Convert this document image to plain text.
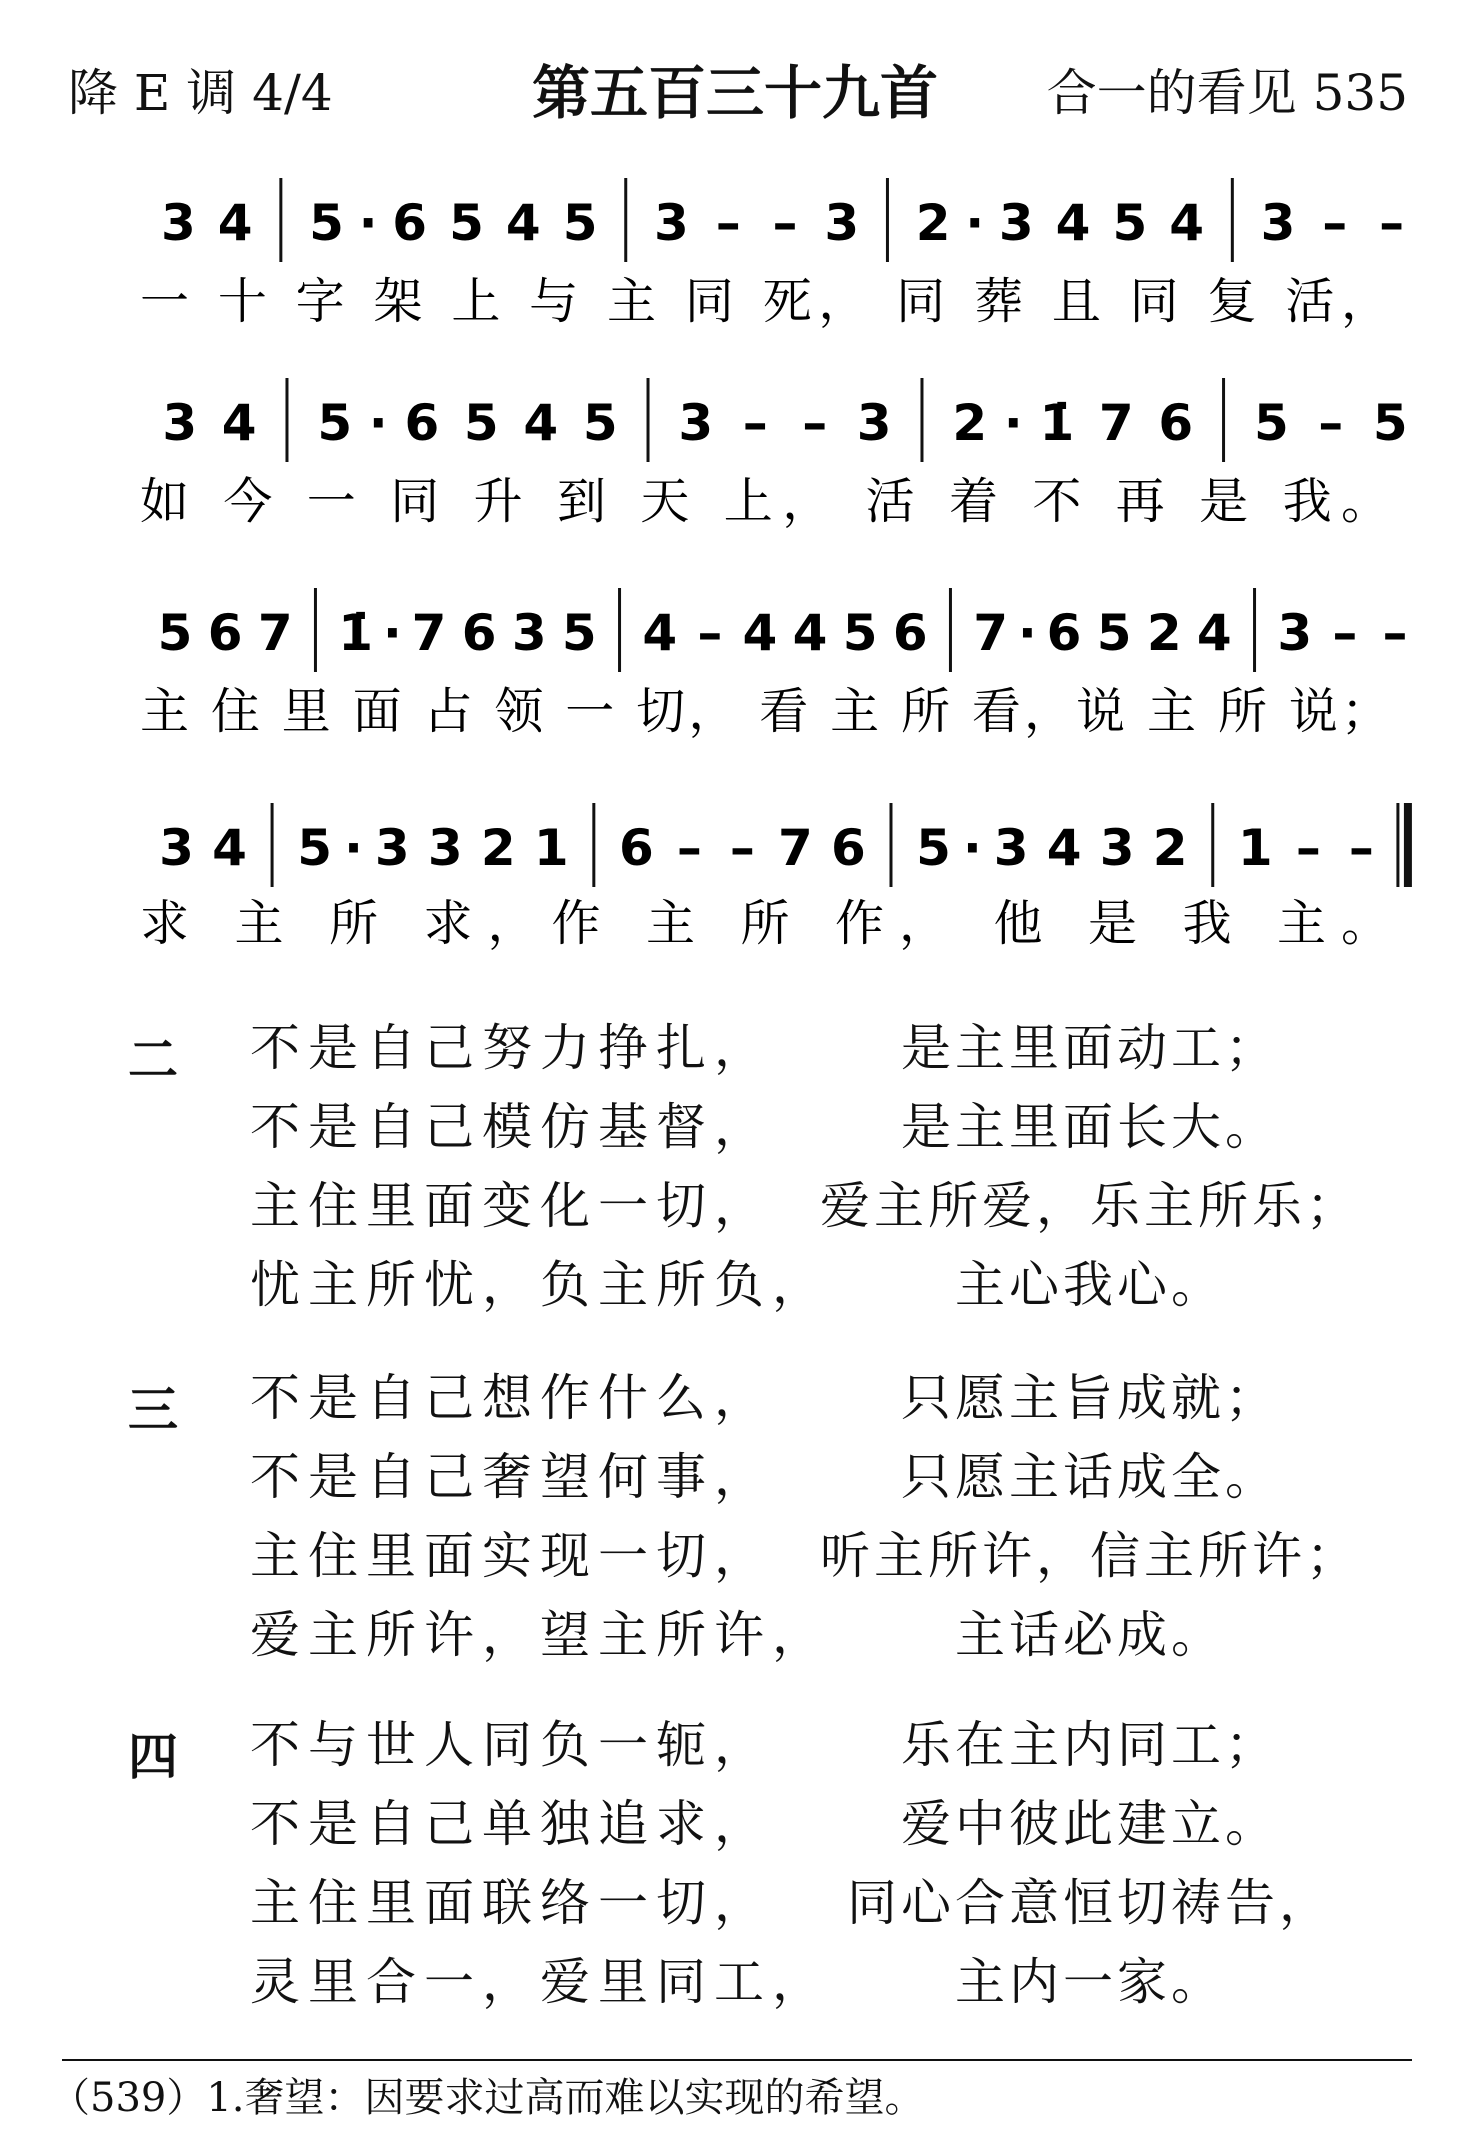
降 E 调 4/4	第五百三十九首	合一的看见 535
3 4 5 · 6 5 4 5 3 – – 3 2 · 3 4 5 4 3 – –
一 十 字 架 上 与 主 同 死， 同 葬 且 同 复 活，
3 4 5 · 6 5 4 5 3 – – 3 2 · 1̇ 7 6 5 – 5
如 今 一 同 升 到 天 上， 活 着 不 再 是 我。
5 6 7 1̇ · 7 6 3 5 4 – 4 4 5 6 7 · 6 5 2 4 3 – –
主 住 里 面 占 领 一 切， 看 主 所 看，说 主 所 说；
3 4 5 · 3 3 2 1 6 – – 7 6 5 · 3 4 3 2 1 – –
求 主 所 求，作 主 所 作， 他 是 我 主。
二 不是自己努力挣扎，	是主里面动工；
不是自己模仿基督，	是主里面长大。
主住里面变化一切， 爱主所爱，乐主所乐；
忧主所忧，负主所负，	主心我心。
三 不是自己想作什么，	只愿主旨成就；
不是自己奢望何事，	只愿主话成全。
主住里面实现一切， 听主所许，信主所许；
爱主所许，望主所许，	主话必成。
四 不与世人同负一轭，	乐在主内同工；
不是自己单独追求，	爱中彼此建立。
主住里面联络一切，	同心合意恒切祷告，
灵里合一，爱里同工，	主内一家。
（539）1.奢望：因要求过高而难以实现的希望。
